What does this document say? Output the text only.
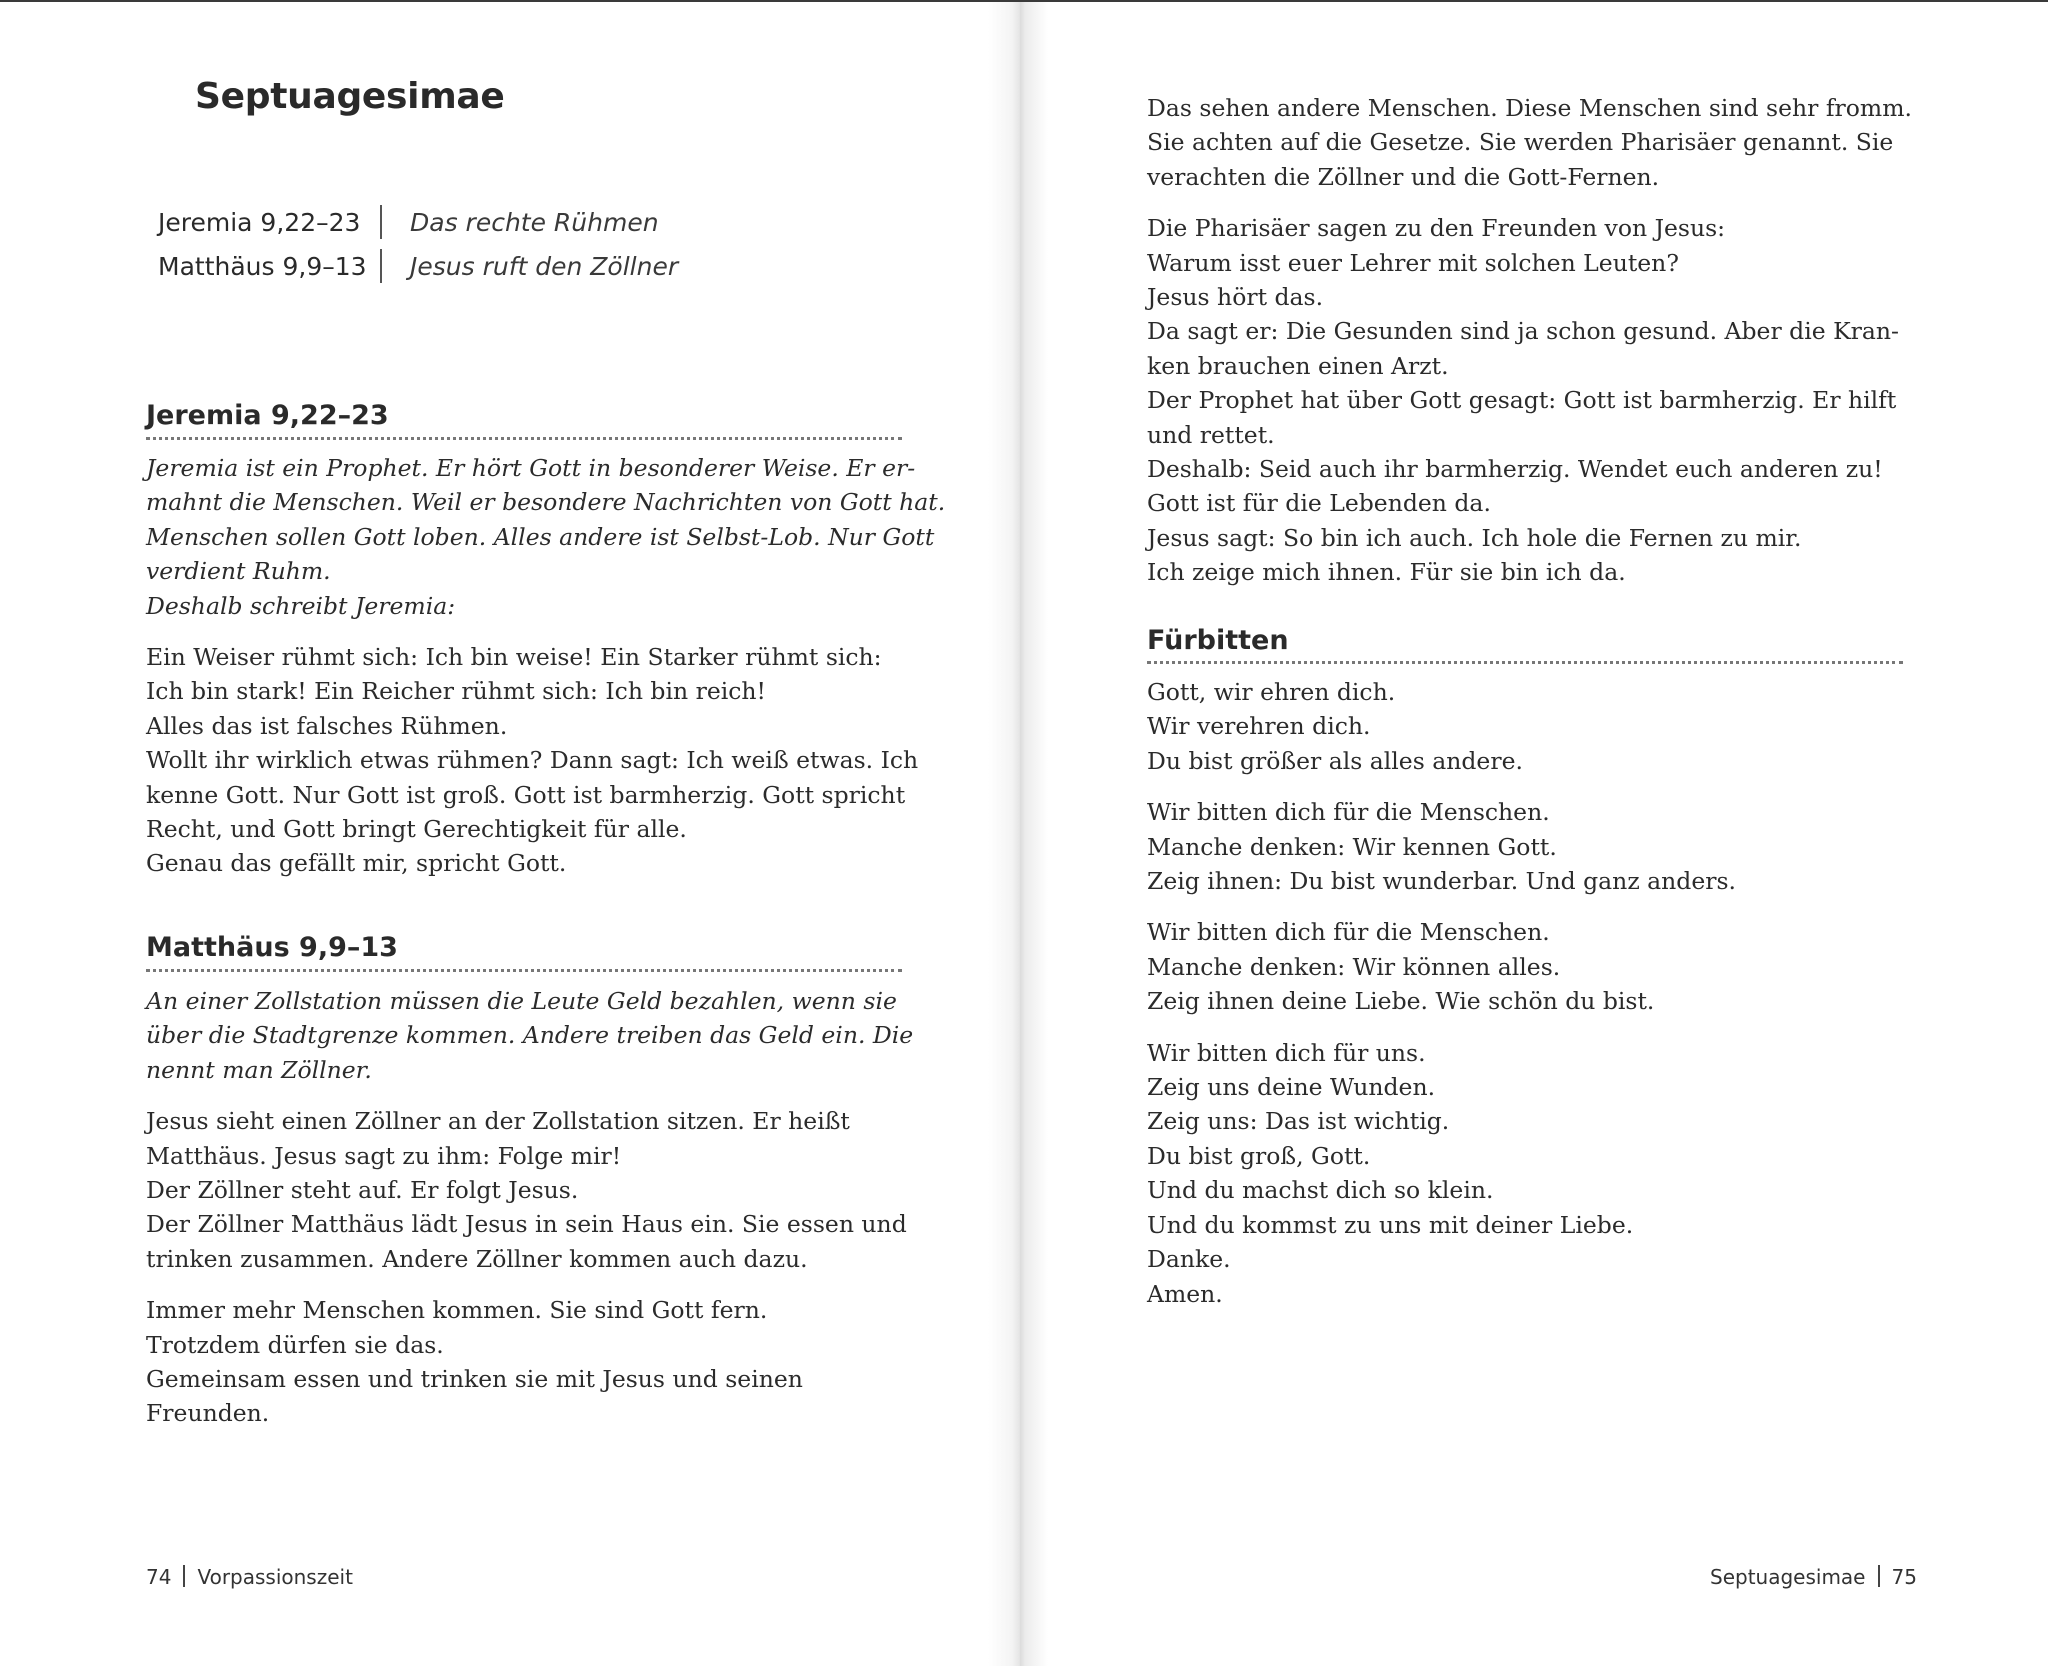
Septuagesimae
Jeremia 9,22–23	Das rechte Rühmen
Matthäus 9,9–13	Jesus ruft den Zöllner
Jeremia 9,22–23

Jeremia ist ein Prophet. Er hört Gott in besonderer Weise. Er er-
mahnt die Menschen. Weil er besondere Nachrichten von Gott hat.
Menschen sollen Gott loben. Alles andere ist Selbst-Lob. Nur Gott
verdient Ruhm.
Deshalb schreibt Jeremia:

Ein Weiser rühmt sich: Ich bin weise! Ein Starker rühmt sich:
Ich bin stark! Ein Reicher rühmt sich: Ich bin reich!
Alles das ist falsches Rühmen.
Wollt ihr wirklich etwas rühmen? Dann sagt: Ich weiß etwas. Ich
kenne Gott. Nur Gott ist groß. Gott ist barmherzig. Gott spricht
Recht, und Gott bringt Gerechtigkeit für alle.
Genau das gefällt mir, spricht Gott.

Matthäus 9,9–13

An einer Zollstation müssen die Leute Geld bezahlen, wenn sie
über die Stadtgrenze kommen. Andere treiben das Geld ein. Die
nennt man Zöllner.

Jesus sieht einen Zöllner an der Zollstation sitzen. Er heißt
Matthäus. Jesus sagt zu ihm: Folge mir!
Der Zöllner steht auf. Er folgt Jesus.
Der Zöllner Matthäus lädt Jesus in sein Haus ein. Sie essen und
trinken zusammen. Andere Zöllner kommen auch dazu.

Immer mehr Menschen kommen. Sie sind Gott fern.
Trotzdem dürfen sie das.
Gemeinsam essen und trinken sie mit Jesus und seinen
Freunden.

74 Vorpassionszeit

Das sehen andere Menschen. Diese Menschen sind sehr fromm.
Sie achten auf die Gesetze. Sie werden Pharisäer genannt. Sie
verachten die Zöllner und die Gott-Fernen.

Die Pharisäer sagen zu den Freunden von Jesus:
Warum isst euer Lehrer mit solchen Leuten?
Jesus hört das.
Da sagt er: Die Gesunden sind ja schon gesund. Aber die Kran-
ken brauchen einen Arzt.
Der Prophet hat über Gott gesagt: Gott ist barmherzig. Er hilft
und rettet.
Deshalb: Seid auch ihr barmherzig. Wendet euch anderen zu!
Gott ist für die Lebenden da.
Jesus sagt: So bin ich auch. Ich hole die Fernen zu mir.
Ich zeige mich ihnen. Für sie bin ich da.

Fürbitten

Gott, wir ehren dich.
Wir verehren dich.
Du bist größer als alles andere.

Wir bitten dich für die Menschen.
Manche denken: Wir kennen Gott.
Zeig ihnen: Du bist wunderbar. Und ganz anders.

Wir bitten dich für die Menschen.
Manche denken: Wir können alles.
Zeig ihnen deine Liebe. Wie schön du bist.

Wir bitten dich für uns.
Zeig uns deine Wunden.
Zeig uns: Das ist wichtig.
Du bist groß, Gott.
Und du machst dich so klein.
Und du kommst zu uns mit deiner Liebe.
Danke.
Amen.

Septuagesimae 75
